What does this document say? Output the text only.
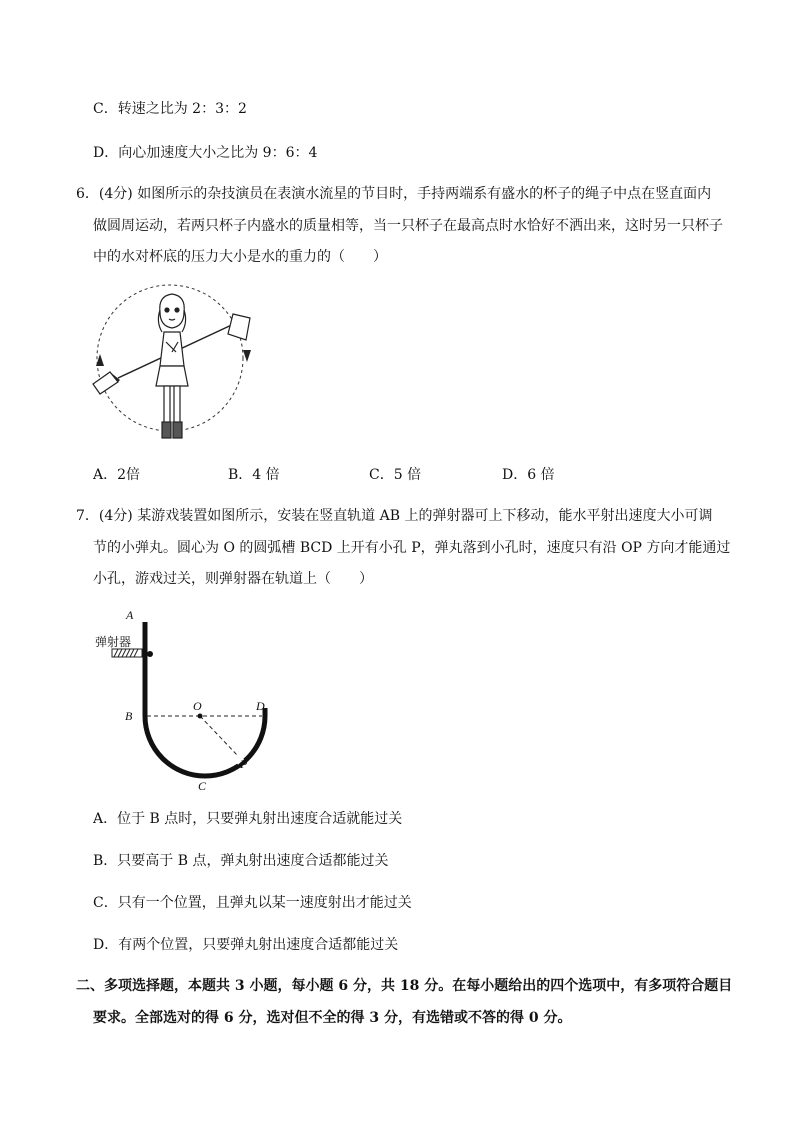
C．转速之比为 2：3：2
D．向心加速度大小之比为 9：6：4
6．(4分) 如图所示的杂技演员在表演水流星的节目时，手持两端系有盛水的杯子的绳子中点在竖直面内
做圆周运动，若两只杯子内盛水的质量相等，当一只杯子在最高点时水恰好不洒出来，这时另一只杯子
中的水对杯底的压力大小是水的重力的（　　）
A．2倍	B．4 倍	C．5 倍	D．6 倍
7．(4分) 某游戏装置如图所示，安装在竖直轨道 AB 上的弹射器可上下移动，能水平射出速度大小可调
节的小弹丸。圆心为 O 的圆弧槽 BCD 上开有小孔 P，弹丸落到小孔时，速度只有沿 OP 方向才能通过
小孔，游戏过关，则弹射器在轨道上（　　）
A
弹射器
B
O	D
P
C
A．位于 B 点时，只要弹丸射出速度合适就能过关
B．只要高于 B 点，弹丸射出速度合适都能过关
C．只有一个位置，且弹丸以某一速度射出才能过关
D．有两个位置，只要弹丸射出速度合适都能过关
二、多项选择题，本题共 3 小题，每小题 6 分，共 18 分。在每小题给出的四个选项中，有多项符合题目
要求。全部选对的得 6 分，选对但不全的得 3 分，有选错或不答的得 0 分。
